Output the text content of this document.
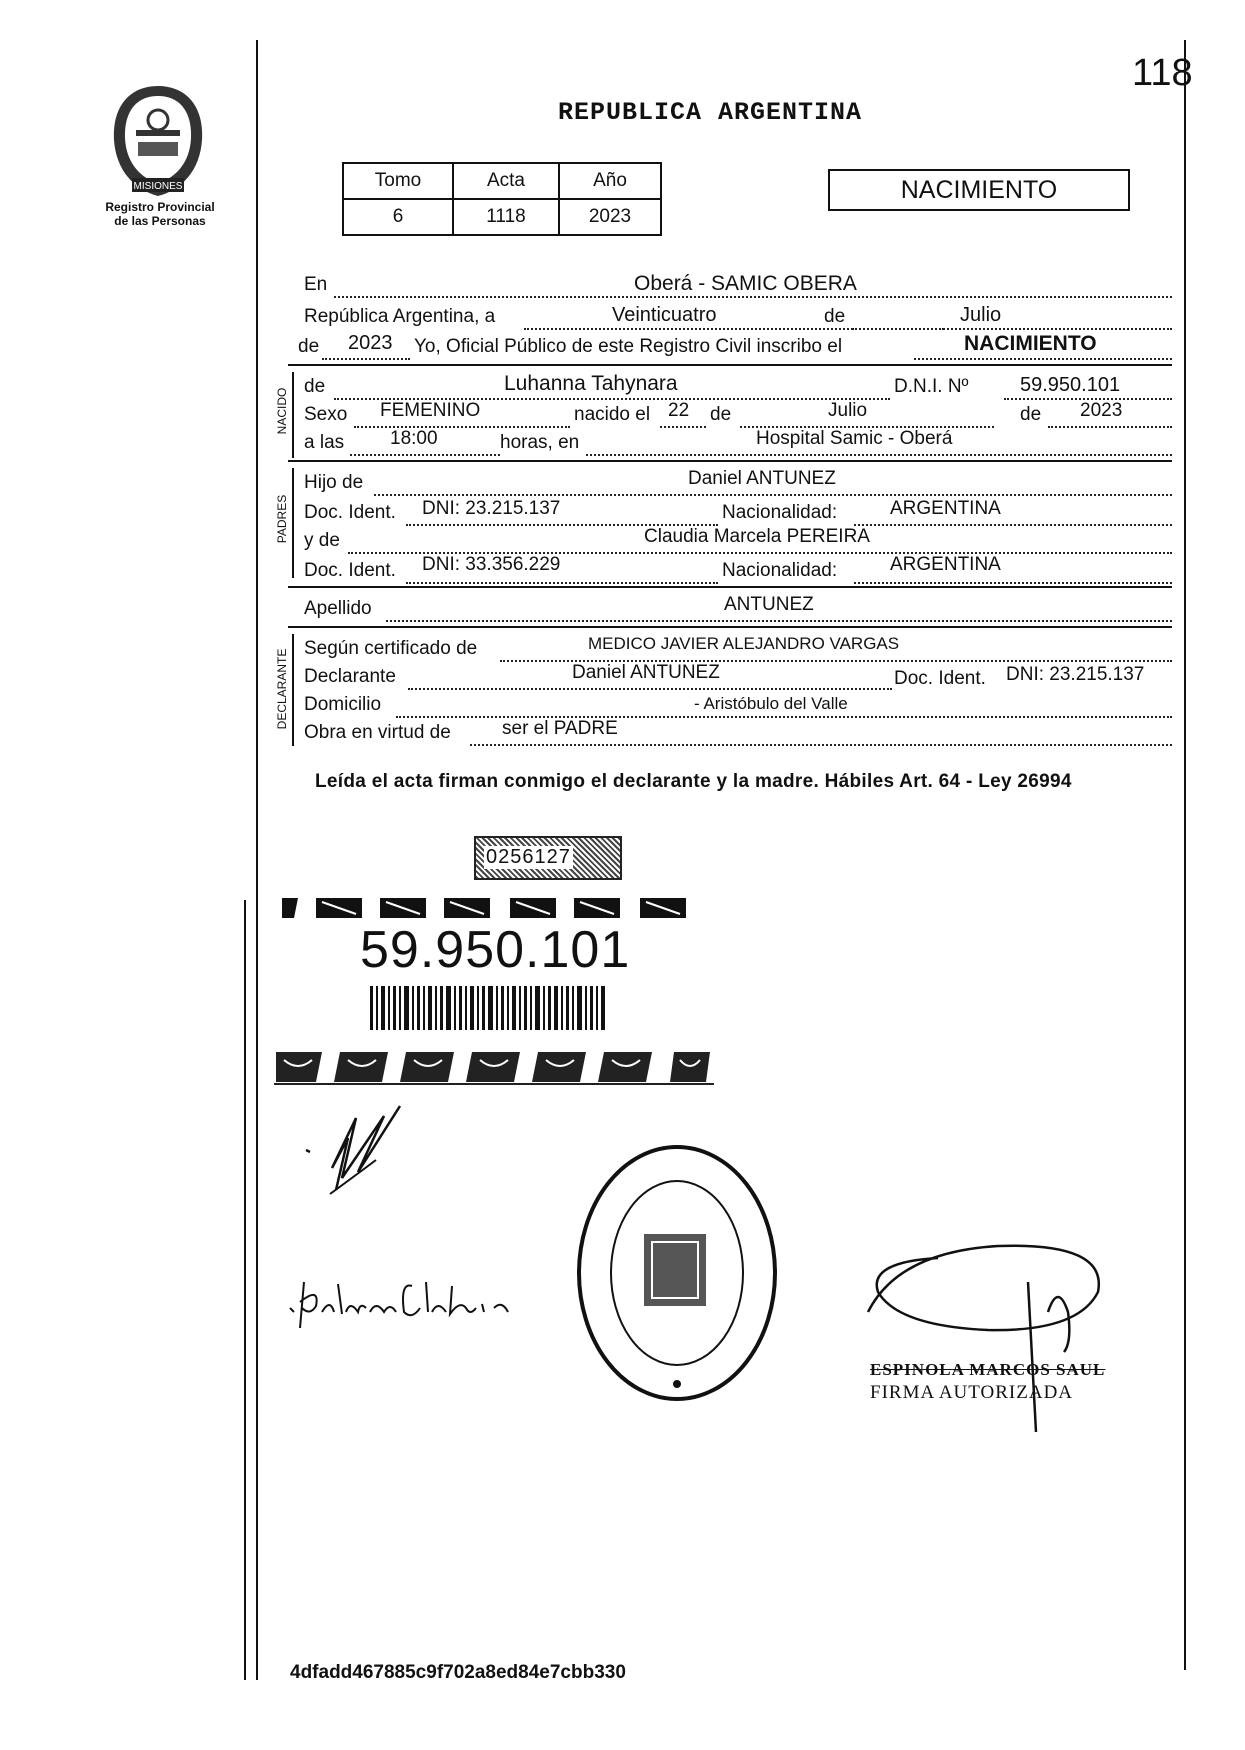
118
MISIONES
Registro Provincial
de las Personas
REPUBLICA ARGENTINA
Tomo	Acta	Año
6	1118	2023
NACIMIENTO
En	Oberá - SAMIC OBERA
República Argentina, a	Veinticuatro	de	Julio
de 2023 Yo, Oficial Público de este Registro Civil inscribo el	NACIMIENTO
NACIDO
de	Luhanna Tahynara	D.N.I. Nº	59.950.101
Sexo FEMENINO	nacido el 22 de	Julio	de 2023
a las 18:00	horas, en	Hospital Samic - Oberá
PADRES
Hijo de	Daniel ANTUNEZ
Doc. Ident. DNI: 23.215.137	Nacionalidad:	ARGENTINA
y de	Claudia Marcela PEREIRA
Doc. Ident. DNI: 33.356.229	Nacionalidad:	ARGENTINA
Apellido	ANTUNEZ
DECLARANTE
Según certificado de	MEDICO JAVIER ALEJANDRO VARGAS
Declarante	Daniel ANTUNEZ	Doc. Ident. DNI: 23.215.137
Domicilio	- Aristóbulo del Valle
Obra en virtud de	ser el PADRE
Leída el acta firman conmigo el declarante y la madre. Hábiles Art. 64 - Ley 26994
0256127
59.950.101
ESPINOLA MARCOS SAUL
FIRMA AUTORIZADA
4dfadd467885c9f702a8ed84e7cbb330
